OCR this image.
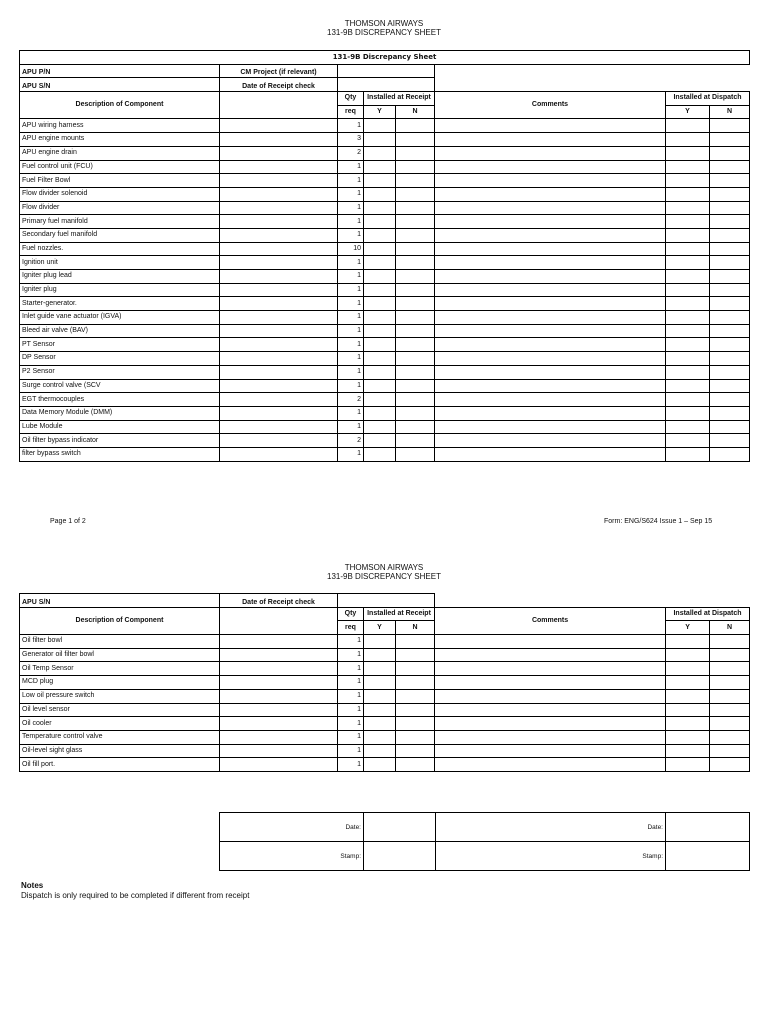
THOMSON AIRWAYS
131-9B DISCREPANCY SHEET
131-9B Discrepancy Sheet							
APU P/N	CM Project (if relevant)						
APU S/N	Date of Receipt check						
Description of Component		Qty	Installed at Receipt		Comments	Installed at Dispatch	
		req	Y	N		Y	N
APU wiring harness		1					
APU engine mounts		3					
APU engine drain		2					
Fuel control unit (FCU)		1					
Fuel Filter Bowl		1					
Flow divider solenoid		1					
Flow divider		1					
Primary fuel manifold		1					
Secondary fuel manifold		1					
Fuel nozzles.		10					
Ignition unit		1					
Igniter plug lead		1					
Igniter plug		1					
Starter-generator.		1					
Inlet guide vane actuator (IGVA)		1					
Bleed air valve (BAV)		1					
PT Sensor		1					
DP Sensor		1					
P2 Sensor		1					
Surge control valve (SCV		1					
EGT thermocouples		2					
Data Memory Module (DMM)		1					
Lube Module		1					
Oil filter bypass indicator		2					
filter bypass switch		1					
Page 1 of 2	Form: ENG/S624 Issue 1 – Sep 15
THOMSON AIRWAYS
131-9B DISCREPANCY SHEET
APU S/N	Date of Receipt check						
Description of Component		Qty	Installed at Receipt		Comments	Installed at Dispatch	
		req	Y	N		Y	N
Oil filter bowl		1					
Generator oil filter bowl		1					
Oil Temp Sensor		1					
MCD plug		1					
Low oil pressure switch		1					
Oil level sensor		1					
Oil cooler		1					
Temperature control valve		1					
Oil-level sight glass		1					
Oil fill port.		1					
Date:		Date:	
Stamp:		Stamp:	
Notes
Dispatch is only required to be completed if different from receipt
